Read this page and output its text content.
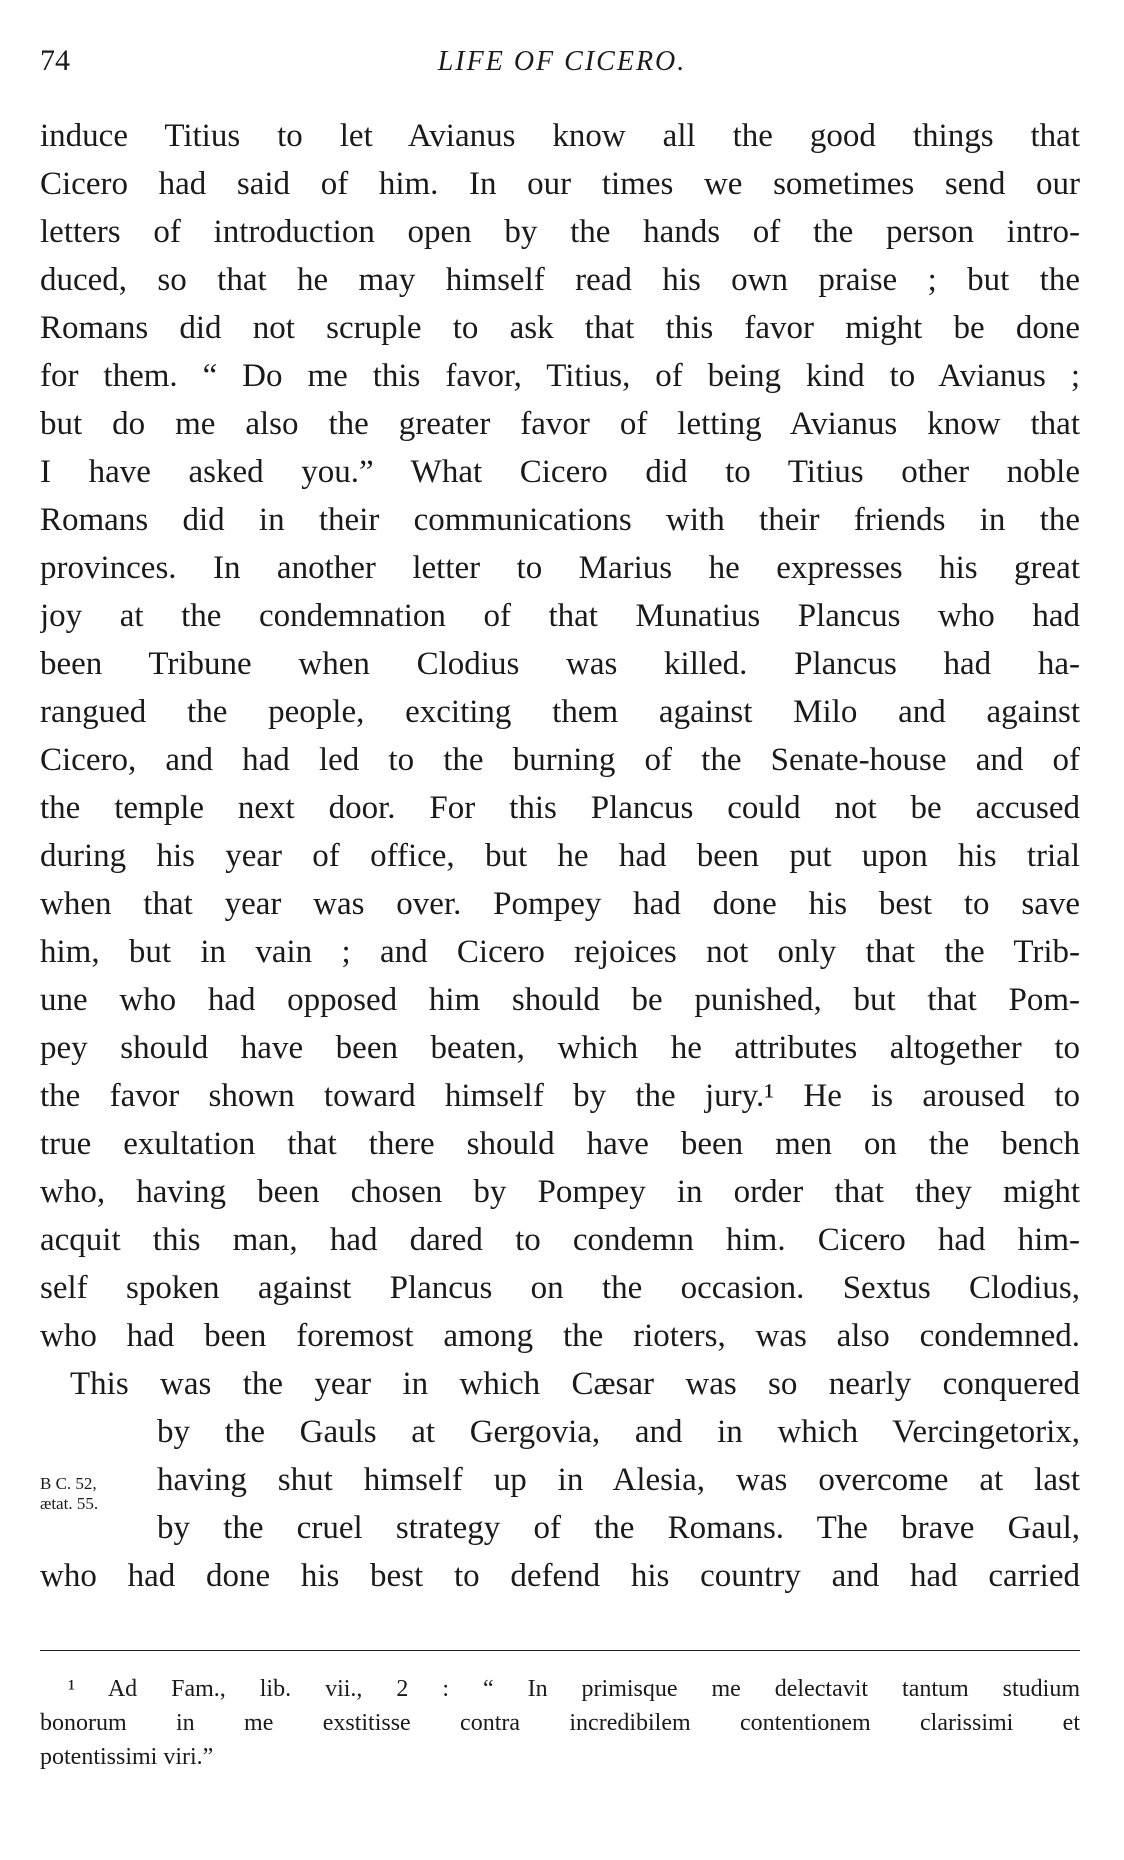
74	LIFE OF CICERO.
induce Titius to let Avianus know all the good things that
Cicero had said of him. In our times we sometimes send our
letters of introduction open by the hands of the person intro-
duced, so that he may himself read his own praise ; but the
Romans did not scruple to ask that this favor might be done
for them. “ Do me this favor, Titius, of being kind to Avianus ;
but do me also the greater favor of letting Avianus know that
I have asked you.” What Cicero did to Titius other noble
Romans did in their communications with their friends in the
provinces. In another letter to Marius he expresses his great
joy at the condemnation of that Munatius Plancus who had
been Tribune when Clodius was killed. Plancus had ha-
rangued the people, exciting them against Milo and against
Cicero, and had led to the burning of the Senate-house and of
the temple next door. For this Plancus could not be accused
during his year of office, but he had been put upon his trial
when that year was over. Pompey had done his best to save
him, but in vain ; and Cicero rejoices not only that the Trib-
une who had opposed him should be punished, but that Pom-
pey should have been beaten, which he attributes altogether to
the favor shown toward himself by the jury.¹ He is aroused to
true exultation that there should have been men on the bench
who, having been chosen by Pompey in order that they might
acquit this man, had dared to condemn him. Cicero had him-
self spoken against Plancus on the occasion. Sextus Clodius,
who had been foremost among the rioters, was also condemned.
This was the year in which Cæsar was so nearly conquered
by the Gauls at Gergovia, and in which Vercingetorix,
having shut himself up in Alesia, was overcome at last
by the cruel strategy of the Romans. The brave Gaul,
who had done his best to defend his country and had carried
B C. 52,
ætat. 55.
¹ Ad Fam., lib. vii., 2 : “ In primisque me delectavit tantum studium
bonorum in me exstitisse contra incredibilem contentionem clarissimi et
potentissimi viri.”
